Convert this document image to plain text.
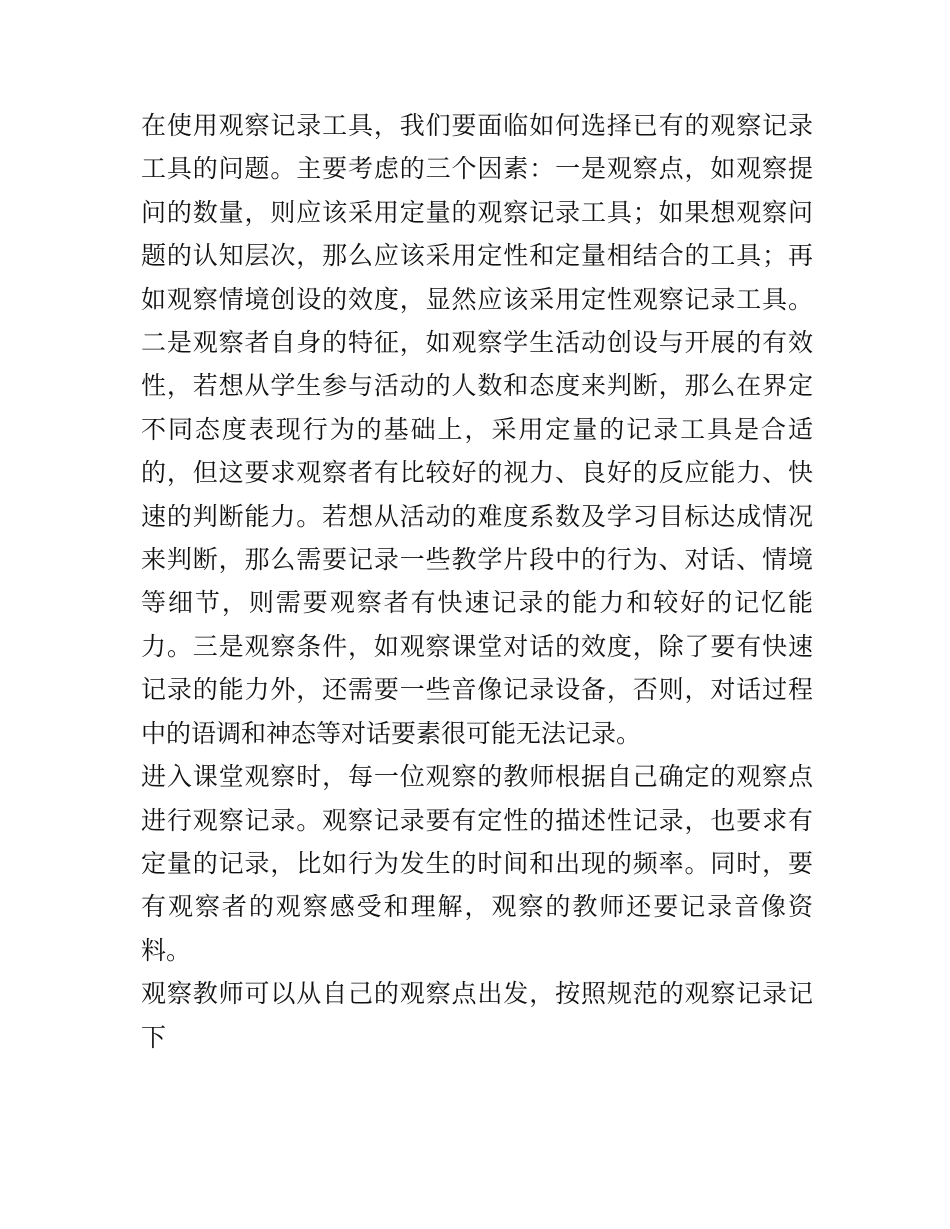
在使用观察记录工具，我们要面临如何选择已有的观察记录工具的问题。主要考虑的三个因素：一是观察点，如观察提问的数量，则应该采用定量的观察记录工具；如果想观察问题的认知层次，那么应该采用定性和定量相结合的工具；再如观察情境创设的效度，显然应该采用定性观察记录工具。二是观察者自身的特征，如观察学生活动创设与开展的有效性，若想从学生参与活动的人数和态度来判断，那么在界定不同态度表现行为的基础上，采用定量的记录工具是合适的，但这要求观察者有比较好的视力、良好的反应能力、快速的判断能力。若想从活动的难度系数及学习目标达成情况来判断，那么需要记录一些教学片段中的行为、对话、情境等细节，则需要观察者有快速记录的能力和较好的记忆能力。三是观察条件，如观察课堂对话的效度，除了要有快速记录的能力外，还需要一些音像记录设备，否则，对话过程中的语调和神态等对话要素很可能无法记录。

进入课堂观察时，每一位观察的教师根据自己确定的观察点进行观察记录。观察记录要有定性的描述性记录，也要求有定量的记录，比如行为发生的时间和出现的频率。同时，要有观察者的观察感受和理解，观察的教师还要记录音像资料。

观察教师可以从自己的观察点出发，按照规范的观察记录记下
